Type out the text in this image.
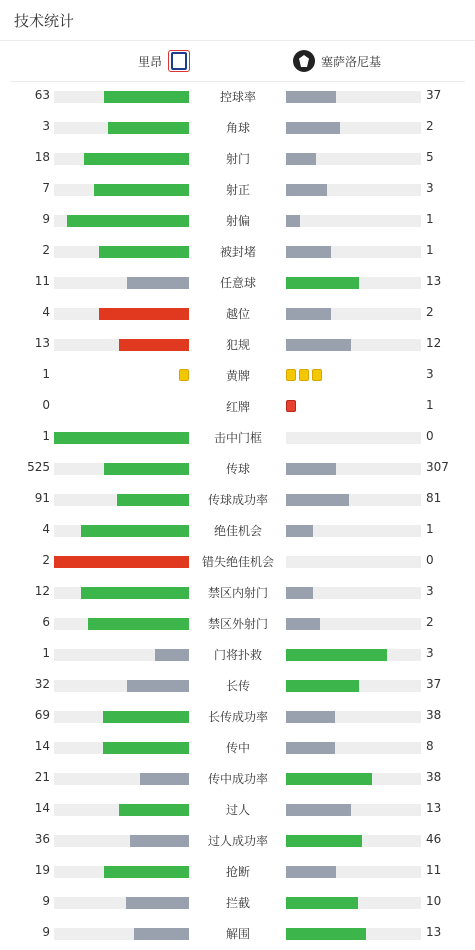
技术统计
里昂	塞萨洛尼基
63	控球率	37
3	角球	2
18	射门	5
7	射正	3
9	射偏	1
2	被封堵	1
11	任意球	13
4	越位	2
13	犯规	12
1	黄牌	3
0	红牌	1
1	击中门框	0
525	传球	307
91	传球成功率	81
4	绝佳机会	1
2	错失绝佳机会	0
12	禁区内射门	3
6	禁区外射门	2
1	门将扑救	3
32	长传	37
69	长传成功率	38
14	传中	8
21	传中成功率	38
14	过人	13
36	过人成功率	46
19	抢断	11
9	拦截	10
9	解围	13
